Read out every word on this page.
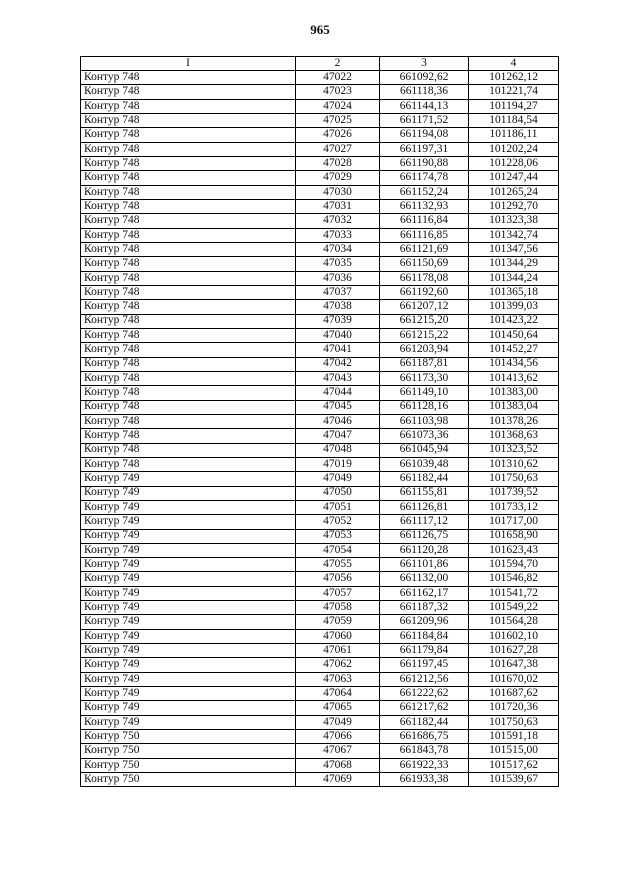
965
I	2	3	4
Контур 748	47022	661092,62	101262,12
Контур 748	47023	661118,36	101221,74
Контур 748	47024	661144,13	101194,27
Контур 748	47025	661171,52	101184,54
Контур 748	47026	661194,08	101186,11
Контур 748	47027	661197,31	101202,24
Контур 748	47028	661190,88	101228,06
Контур 748	47029	661174,78	101247,44
Контур 748	47030	661152,24	101265,24
Контур 748	47031	661132,93	101292,70
Контур 748	47032	661116,84	101323,38
Контур 748	47033	661116,85	101342,74
Контур 748	47034	661121,69	101347,56
Контур 748	47035	661150,69	101344,29
Контур 748	47036	661178,08	101344,24
Контур 748	47037	661192,60	101365,18
Контур 748	47038	661207,12	101399,03
Контур 748	47039	661215,20	101423,22
Контур 748	47040	661215,22	101450,64
Контур 748	47041	661203,94	101452,27
Контур 748	47042	661187,81	101434,56
Контур 748	47043	661173,30	101413,62
Контур 748	47044	661149,10	101383,00
Контур 748	47045	661128,16	101383,04
Контур 748	47046	661103,98	101378,26
Контур 748	47047	661073,36	101368,63
Контур 748	47048	661045,94	101323,52
Контур 748	47019	661039,48	101310,62
Контур 749	47049	661182,44	101750,63
Контур 749	47050	661155,81	101739,52
Контур 749	47051	661126,81	101733,12
Контур 749	47052	661117,12	101717,00
Контур 749	47053	661126,75	101658,90
Контур 749	47054	661120,28	101623,43
Контур 749	47055	661101,86	101594,70
Контур 749	47056	661132,00	101546,82
Контур 749	47057	661162,17	101541,72
Контур 749	47058	661187,32	101549,22
Контур 749	47059	661209,96	101564,28
Контур 749	47060	661184,84	101602,10
Контур 749	47061	661179,84	101627,28
Контур 749	47062	661197,45	101647,38
Контур 749	47063	661212,56	101670,02
Контур 749	47064	661222,62	101687,62
Контур 749	47065	661217,62	101720,36
Контур 749	47049	661182,44	101750,63
Контур 750	47066	661686,75	101591,18
Контур 750	47067	661843,78	101515,00
Контур 750	47068	661922,33	101517,62
Контур 750	47069	661933,38	101539,67
